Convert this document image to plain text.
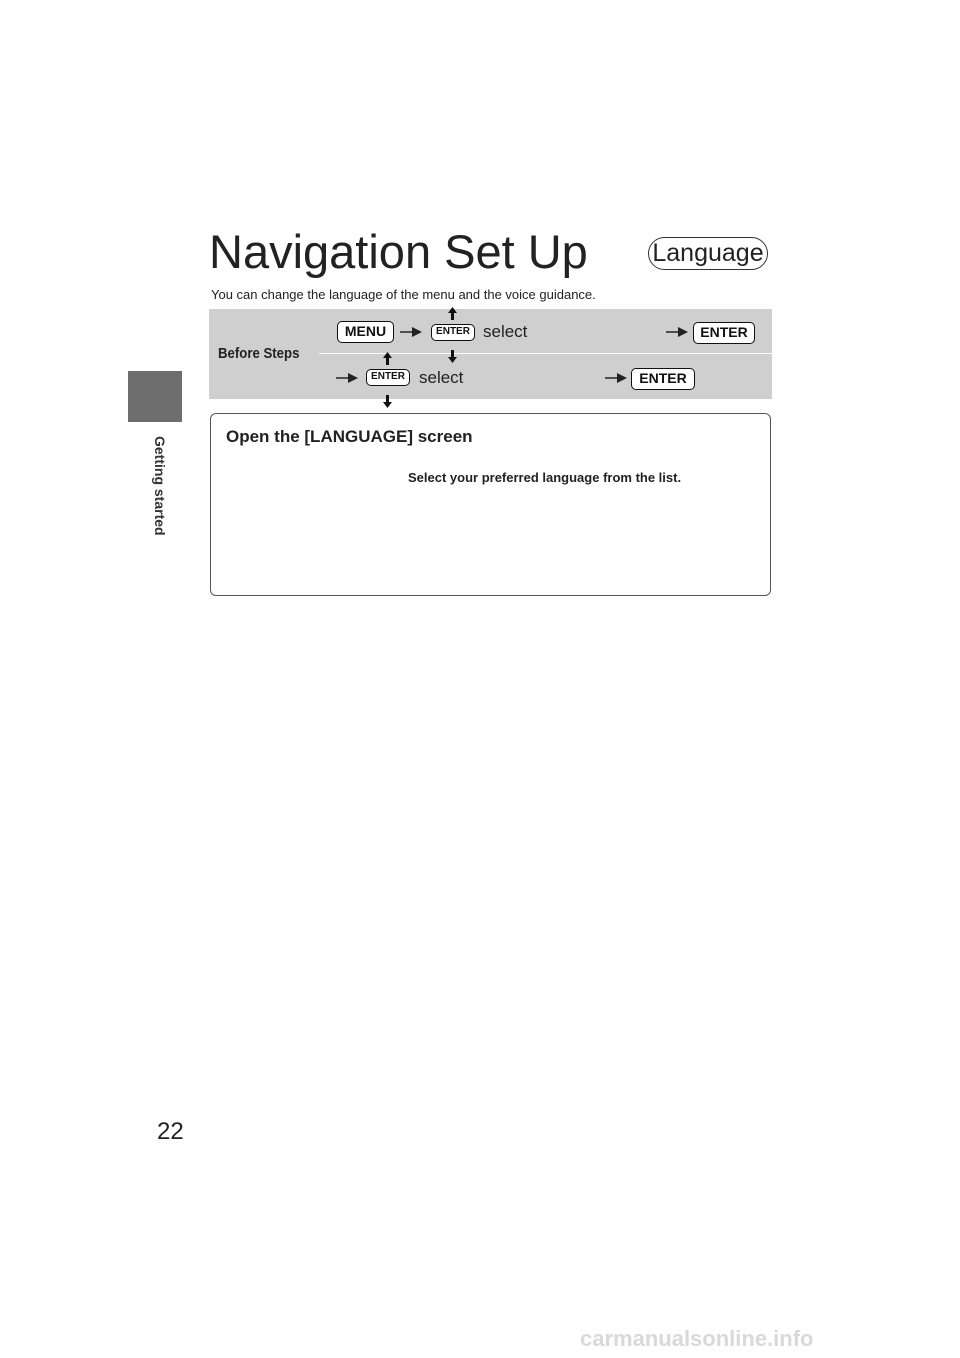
Getting started
Navigation Set Up	Language
You can change the language of the menu and the voice guidance.
Before Steps
MENU	ENTER select	ENTER
ENTER select	ENTER
Open the [LANGUAGE] screen
Select your preferred language from the list.
22
carmanualsonline.info
